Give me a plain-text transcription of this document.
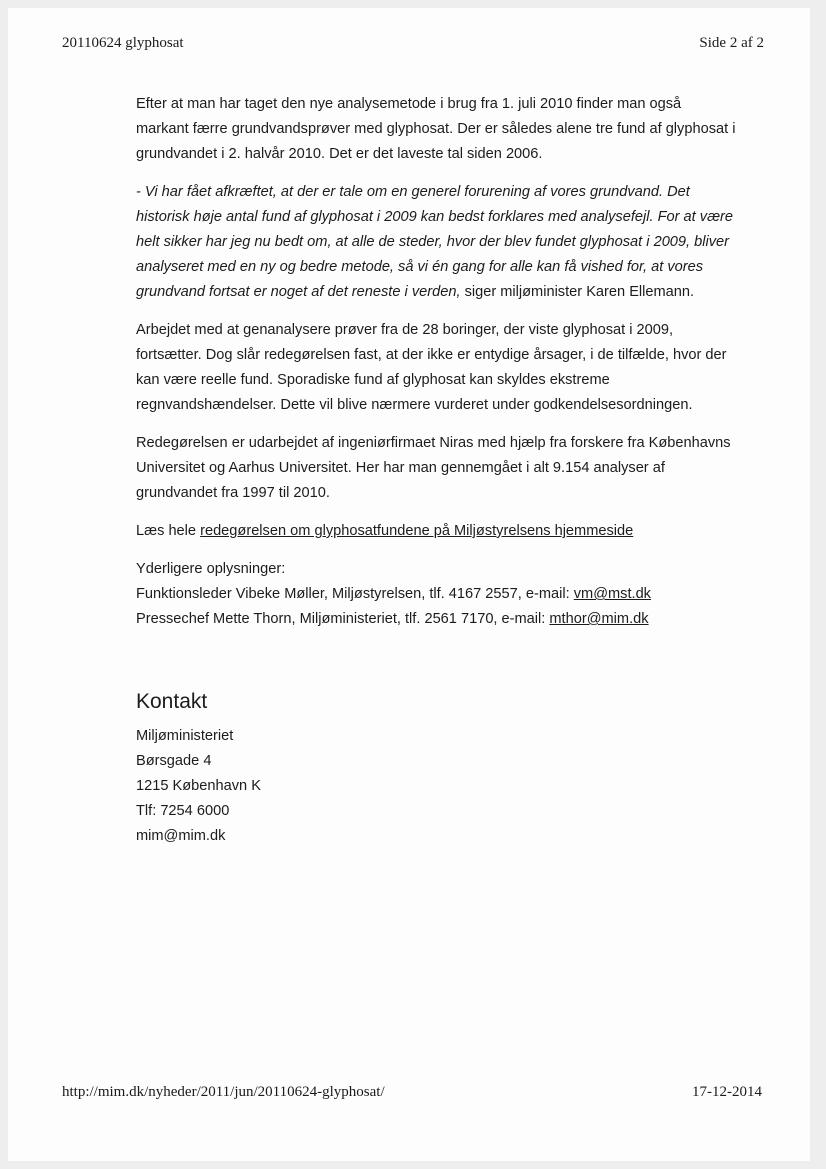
20110624 glyphosat	Side 2 af 2

Efter at man har taget den nye analysemetode i brug fra 1. juli 2010 finder man også markant færre grundvandsprøver med glyphosat. Der er således alene tre fund af glyphosat i grundvandet i 2. halvår 2010. Det er det laveste tal siden 2006.

- Vi har fået afkræftet, at der er tale om en generel forurening af vores grundvand. Det historisk høje antal fund af glyphosat i 2009 kan bedst forklares med analysefejl. For at være helt sikker har jeg nu bedt om, at alle de steder, hvor der blev fundet glyphosat i 2009, bliver analyseret med en ny og bedre metode, så vi én gang for alle kan få vished for, at vores grundvand fortsat er noget af det reneste i verden, siger miljøminister Karen Ellemann.

Arbejdet med at genanalysere prøver fra de 28 boringer, der viste glyphosat i 2009, fortsætter. Dog slår redegørelsen fast, at der ikke er entydige årsager, i de tilfælde, hvor der kan være reelle fund. Sporadiske fund af glyphosat kan skyldes ekstreme regnvandshændelser. Dette vil blive nærmere vurderet under godkendelsesordningen.

Redegørelsen er udarbejdet af ingeniørfirmaet Niras med hjælp fra forskere fra Københavns Universitet og Aarhus Universitet. Her har man gennemgået i alt 9.154 analyser af grundvandet fra 1997 til 2010.

Læs hele redegørelsen om glyphosatfundene på Miljøstyrelsens hjemmeside

Yderligere oplysninger:
Funktionsleder Vibeke Møller, Miljøstyrelsen, tlf. 4167 2557, e-mail: vm@mst.dk
Pressechef Mette Thorn, Miljøministeriet, tlf. 2561 7170, e-mail: mthor@mim.dk

Kontakt
Miljøministeriet
Børsgade 4
1215 København K
Tlf: 7254 6000
mim@mim.dk
http://mim.dk/nyheder/2011/jun/20110624-glyphosat/	17-12-2014
